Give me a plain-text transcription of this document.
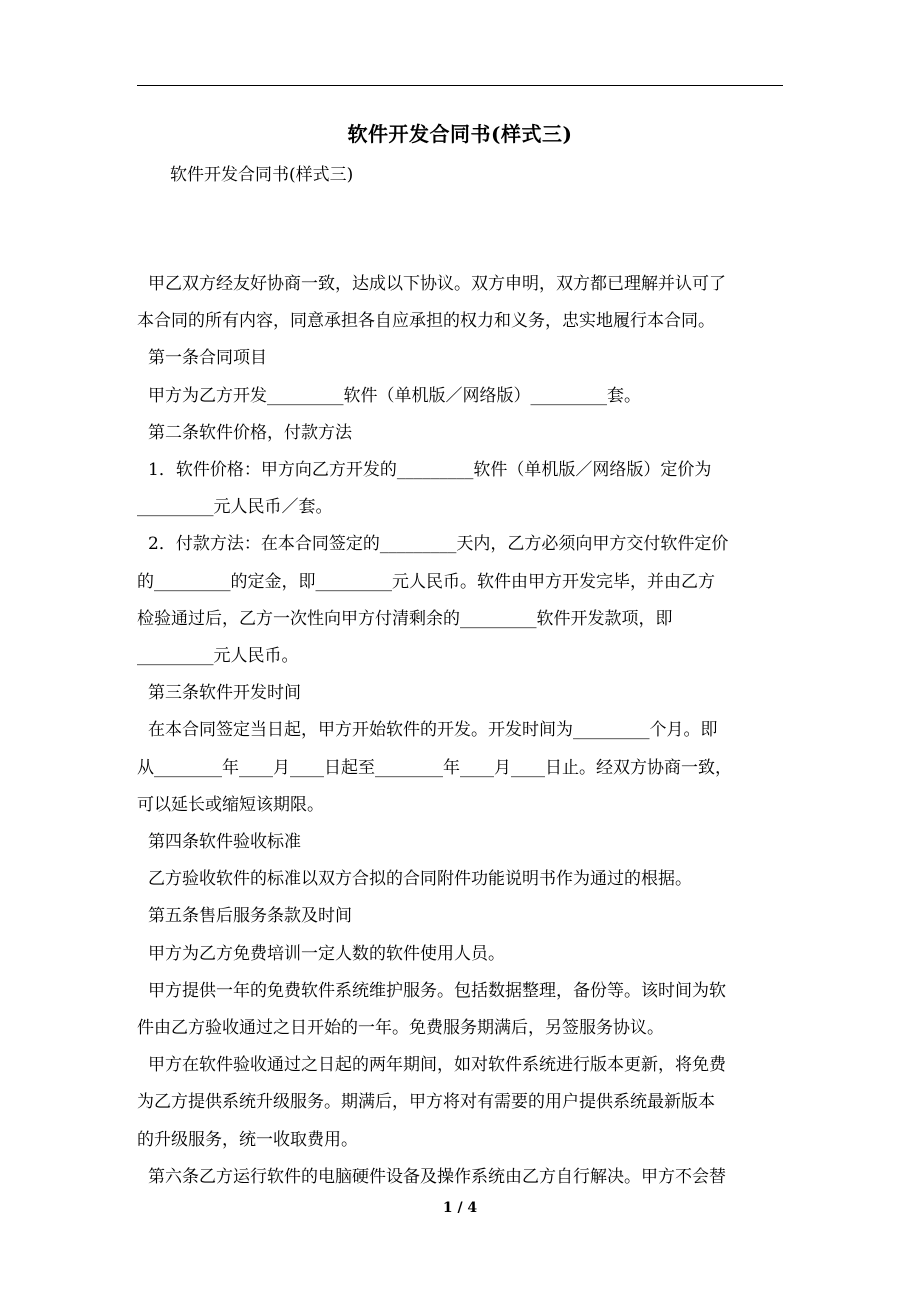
软件开发合同书(样式三)
软件开发合同书(样式三)
甲乙双方经友好协商一致，达成以下协议。双方申明，双方都已理解并认可了
本合同的所有内容，同意承担各自应承担的权力和义务，忠实地履行本合同。
第一条合同项目
甲方为乙方开发_________软件（单机版／网络版）_________套。
第二条软件价格，付款方法
1．软件价格：甲方向乙方开发的_________软件（单机版／网络版）定价为
_________元人民币／套。
2．付款方法：在本合同签定的_________天内，乙方必须向甲方交付软件定价
的_________的定金，即_________元人民币。软件由甲方开发完毕，并由乙方
检验通过后，乙方一次性向甲方付清剩余的_________软件开发款项，即
_________元人民币。
第三条软件开发时间
在本合同签定当日起，甲方开始软件的开发。开发时间为_________个月。即
从________年____月____日起至________年____月____日止。经双方协商一致，
可以延长或缩短该期限。
第四条软件验收标准
乙方验收软件的标准以双方合拟的合同附件功能说明书作为通过的根据。
第五条售后服务条款及时间
甲方为乙方免费培训一定人数的软件使用人员。
甲方提供一年的免费软件系统维护服务。包括数据整理，备份等。该时间为软
件由乙方验收通过之日开始的一年。免费服务期满后，另签服务协议。
甲方在软件验收通过之日起的两年期间，如对软件系统进行版本更新，将免费
为乙方提供系统升级服务。期满后，甲方将对有需要的用户提供系统最新版本
的升级服务，统一收取费用。
第六条乙方运行软件的电脑硬件设备及操作系统由乙方自行解决。甲方不会替
1 / 4
